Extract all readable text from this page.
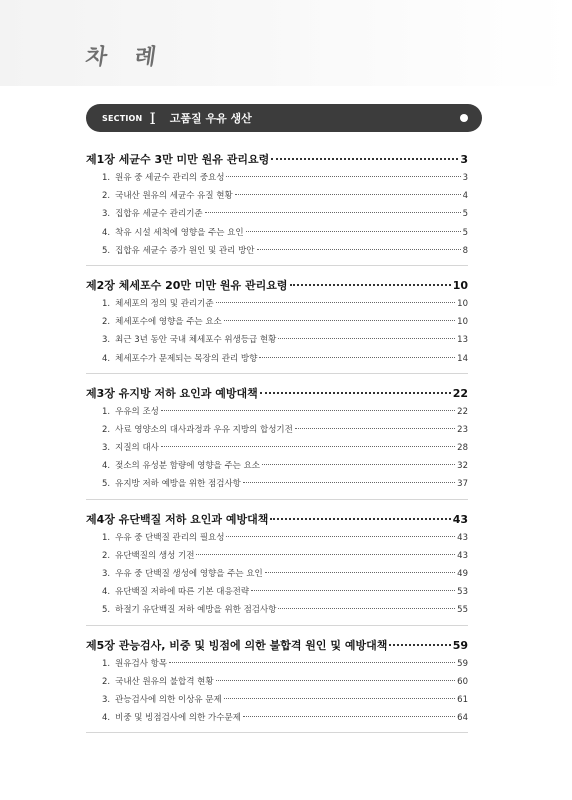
차 례
SECTION I 고품질 우유 생산
제1장 세균수 3만 미만 원유 관리요령	3
1. 원유 중 세균수 관리의 중요성	3
2. 국내산 원유의 세균수 유질 현황	4
3. 집합유 세균수 관리기준	5
4. 착유 시설 세척에 영향을 주는 요인	5
5. 집합유 세균수 증가 원인 및 관리 방안	8
제2장 체세포수 20만 미만 원유 관리요령	10
1. 체세포의 정의 및 관리기준	10
2. 체세포수에 영향을 주는 요소	10
3. 최근 3년 동안 국내 체세포수 위생등급 현황	13
4. 체세포수가 문제되는 목장의 관리 방향	14
제3장 유지방 저하 요인과 예방대책	22
1. 우유의 조성	22
2. 사료 영양소의 대사과정과 우유 지방의 합성기전	23
3. 지질의 대사	28
4. 젖소의 유성분 함량에 영향을 주는 요소	32
5. 유지방 저하 예방을 위한 점검사항	37
제4장 유단백질 저하 요인과 예방대책	43
1. 우유 중 단백질 관리의 필요성	43
2. 유단백질의 생성 기전	43
3. 우유 중 단백질 생성에 영향을 주는 요인	49
4. 유단백질 저하에 따른 기본 대응전략	53
5. 하절기 유단백질 저하 예방을 위한 점검사항	55
제5장 관능검사, 비중 및 빙점에 의한 불합격 원인 및 예방대책	59
1. 원유검사 항목	59
2. 국내산 원유의 불합격 현황	60
3. 관능검사에 의한 이상유 문제	61
4. 비중 및 빙점검사에 의한 가수문제	64
